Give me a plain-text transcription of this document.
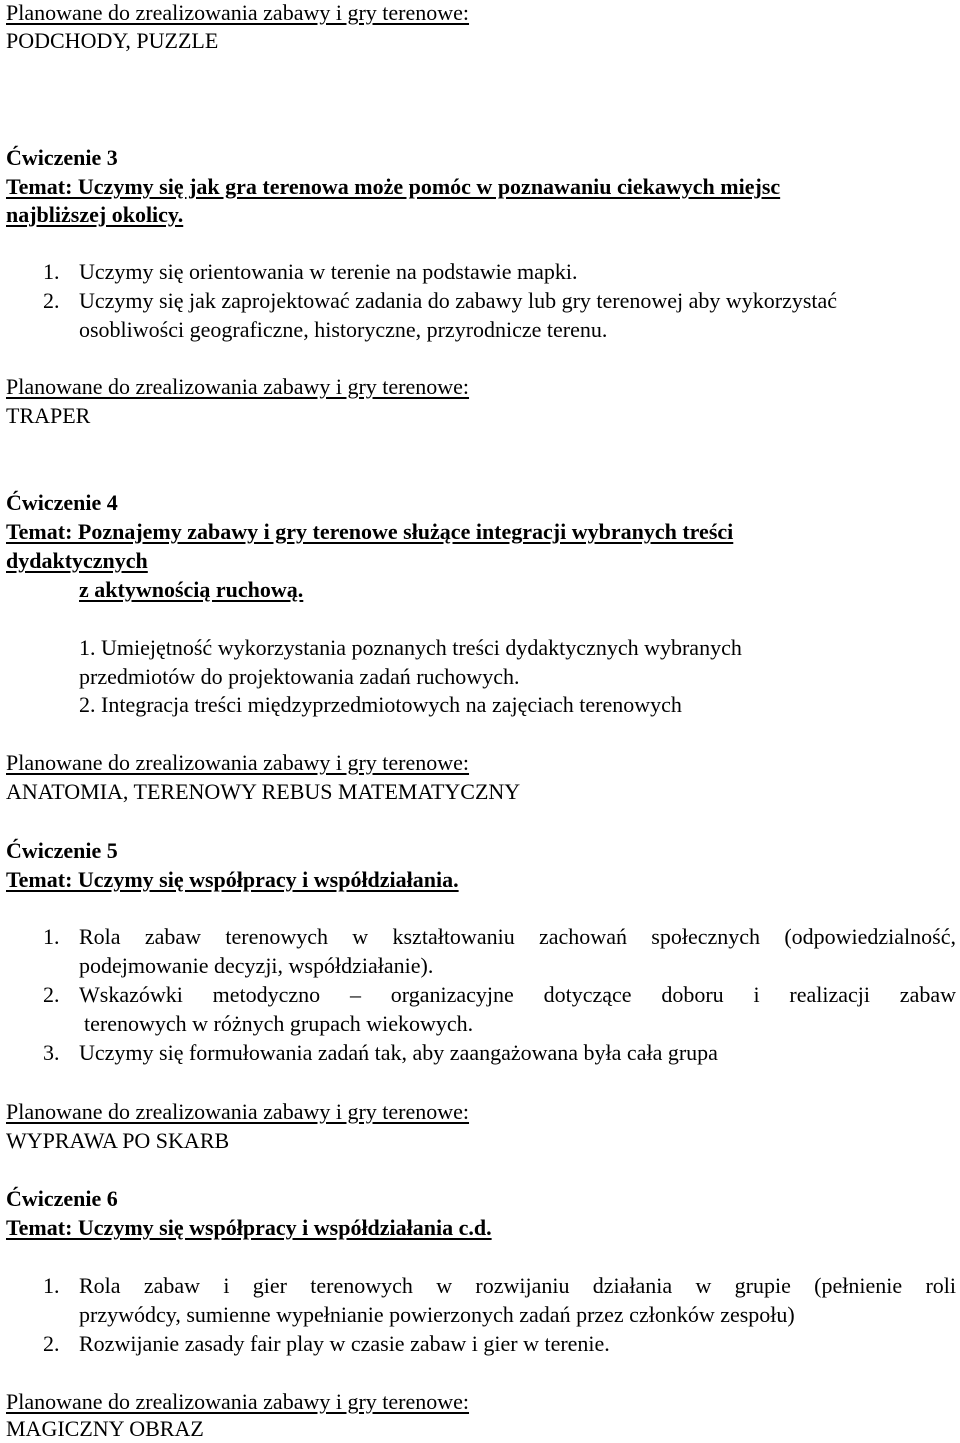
Planowane do zrealizowania zabawy i gry terenowe:
PODCHODY, PUZZLE
Ćwiczenie 3
Temat: Uczymy się jak gra terenowa może pomóc w poznawaniu ciekawych miejsc
najbliższej okolicy.
1. Uczymy się orientowania w terenie na podstawie mapki.
2. Uczymy się jak zaprojektować zadania do zabawy lub gry terenowej aby wykorzystać
osobliwości geograficzne, historyczne, przyrodnicze terenu.
Planowane do zrealizowania zabawy i gry terenowe:
TRAPER
Ćwiczenie 4
Temat: Poznajemy zabawy i gry terenowe służące integracji wybranych treści
dydaktycznych
z aktywnością ruchową.
1. Umiejętność wykorzystania poznanych treści dydaktycznych wybranych
przedmiotów do projektowania zadań ruchowych.
2. Integracja treści międzyprzedmiotowych na zajęciach terenowych
Planowane do zrealizowania zabawy i gry terenowe:
ANATOMIA, TERENOWY REBUS MATEMATYCZNY
Ćwiczenie 5
Temat: Uczymy się współpracy i współdziałania.
1. Rola zabaw terenowych w kształtowaniu zachowań społecznych (odpowiedzialność,
podejmowanie decyzji, współdziałanie).
2. Wskazówki metodyczno – organizacyjne dotyczące doboru i realizacji zabaw
terenowych w różnych grupach wiekowych.
3. Uczymy się formułowania zadań tak, aby zaangażowana była cała grupa
Planowane do zrealizowania zabawy i gry terenowe:
WYPRAWA PO SKARB
Ćwiczenie 6
Temat: Uczymy się współpracy i współdziałania c.d.
1. Rola zabaw i gier terenowych w rozwijaniu działania w grupie (pełnienie roli
przywódcy, sumienne wypełnianie powierzonych zadań przez członków zespołu)
2. Rozwijanie zasady fair play w czasie zabaw i gier w terenie.
Planowane do zrealizowania zabawy i gry terenowe:
MAGICZNY OBRAZ
